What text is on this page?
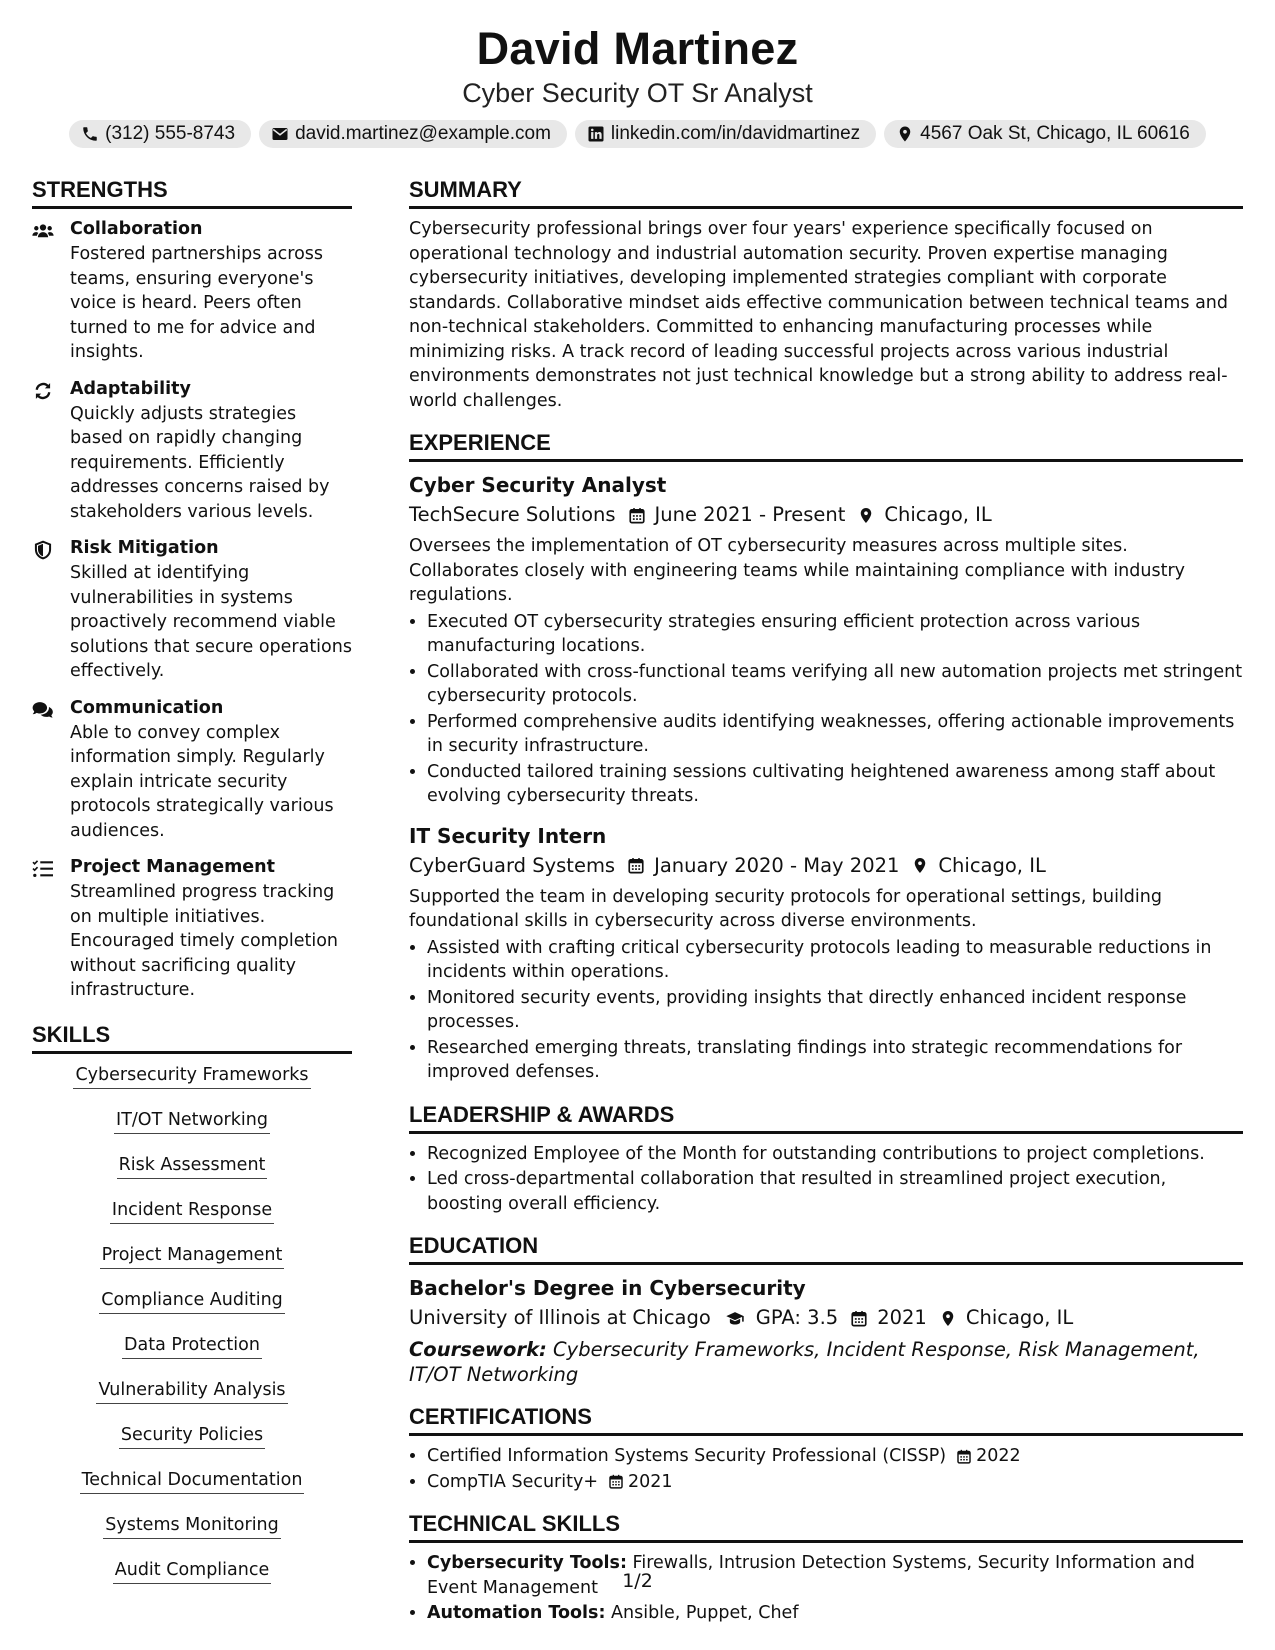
David Martinez
Cyber Security OT Sr Analyst
(312) 555-8743	david.martinez@example.com	linkedin.com/in/davidmartinez	4567 Oak St, Chicago, IL 60616
STRENGTHS
Collaboration
Fostered partnerships across teams, ensuring everyone's voice is heard. Peers often turned to me for advice and insights.
Adaptability
Quickly adjusts strategies based on rapidly changing requirements. Efficiently addresses concerns raised by stakeholders various levels.
Risk Mitigation
Skilled at identifying vulnerabilities in systems proactively recommend viable solutions that secure operations effectively.
Communication
Able to convey complex information simply. Regularly explain intricate security protocols strategically various audiences.
Project Management
Streamlined progress tracking on multiple initiatives. Encouraged timely completion without sacrificing quality infrastructure.
SKILLS
Cybersecurity Frameworks
IT/OT Networking
Risk Assessment
Incident Response
Project Management
Compliance Auditing
Data Protection
Vulnerability Analysis
Security Policies
Technical Documentation
Systems Monitoring
Audit Compliance
SUMMARY
Cybersecurity professional brings over four years' experience specifically focused on operational technology and industrial automation security. Proven expertise managing cybersecurity initiatives, developing implemented strategies compliant with corporate standards. Collaborative mindset aids effective communication between technical teams and non-technical stakeholders. Committed to enhancing manufacturing processes while minimizing risks. A track record of leading successful projects across various industrial environments demonstrates not just technical knowledge but a strong ability to address real-world challenges.
EXPERIENCE
Cyber Security Analyst
TechSecure Solutions June 2021 - Present Chicago, IL
Oversees the implementation of OT cybersecurity measures across multiple sites. Collaborates closely with engineering teams while maintaining compliance with industry regulations.
• Executed OT cybersecurity strategies ensuring efficient protection across various manufacturing locations.
• Collaborated with cross-functional teams verifying all new automation projects met stringent cybersecurity protocols.
• Performed comprehensive audits identifying weaknesses, offering actionable improvements in security infrastructure.
• Conducted tailored training sessions cultivating heightened awareness among staff about evolving cybersecurity threats.
IT Security Intern
CyberGuard Systems January 2020 - May 2021 Chicago, IL
Supported the team in developing security protocols for operational settings, building foundational skills in cybersecurity across diverse environments.
• Assisted with crafting critical cybersecurity protocols leading to measurable reductions in incidents within operations.
• Monitored security events, providing insights that directly enhanced incident response processes.
• Researched emerging threats, translating findings into strategic recommendations for improved defenses.
LEADERSHIP & AWARDS
• Recognized Employee of the Month for outstanding contributions to project completions.
• Led cross-departmental collaboration that resulted in streamlined project execution, boosting overall efficiency.
EDUCATION
Bachelor's Degree in Cybersecurity
University of Illinois at Chicago GPA: 3.5 2021 Chicago, IL
Coursework: Cybersecurity Frameworks, Incident Response, Risk Management, IT/OT Networking
CERTIFICATIONS
• Certified Information Systems Security Professional (CISSP) 2022
• CompTIA Security+ 2021
TECHNICAL SKILLS
• Cybersecurity Tools: Firewalls, Intrusion Detection Systems, Security Information and Event Management
• Automation Tools: Ansible, Puppet, Chef
1/2
